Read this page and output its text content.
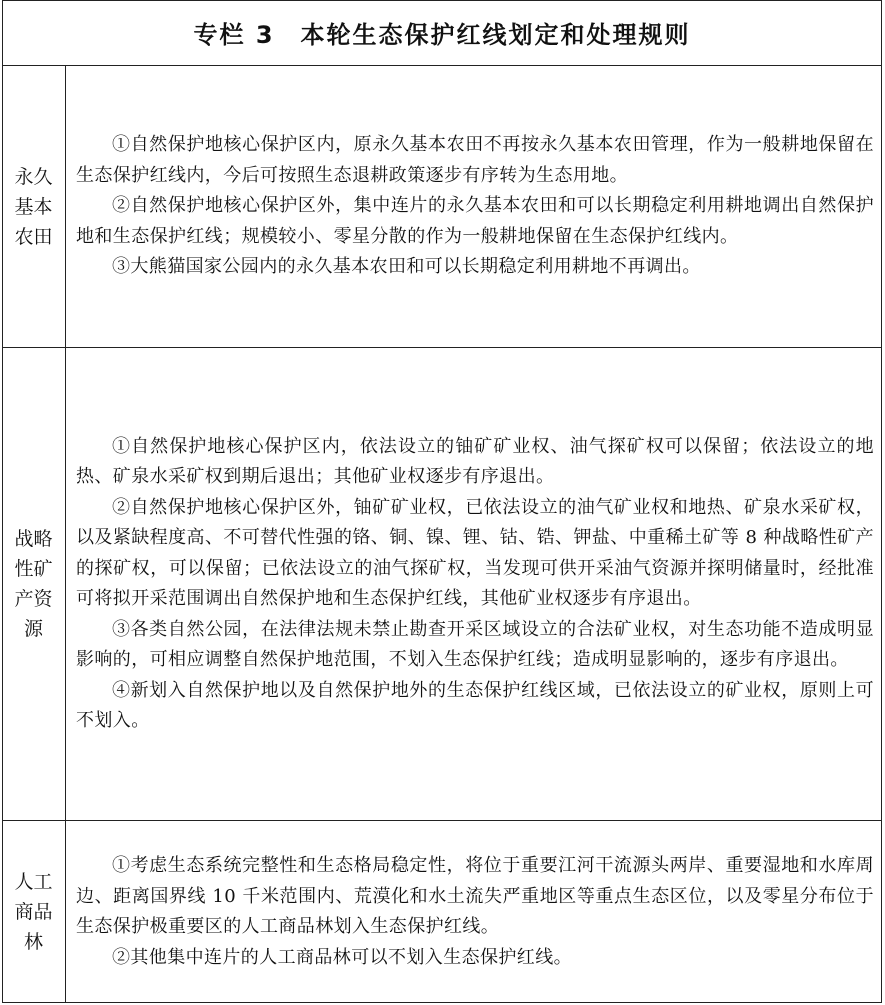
专栏 3　本轮生态保护红线划定和处理规则
永久基本农田

①自然保护地核心保护区内，原永久基本农田不再按永久基本农田管理，作为一般耕地保留在生态保护红线内，今后可按照生态退耕政策逐步有序转为生态用地。

②自然保护地核心保护区外，集中连片的永久基本农田和可以长期稳定利用耕地调出自然保护地和生态保护红线；规模较小、零星分散的作为一般耕地保留在生态保护红线内。

③大熊猫国家公园内的永久基本农田和可以长期稳定利用耕地不再调出。

战略性矿产资源

①自然保护地核心保护区内，依法设立的铀矿矿业权、油气探矿权可以保留；依法设立的地热、矿泉水采矿权到期后退出；其他矿业权逐步有序退出。

②自然保护地核心保护区外，铀矿矿业权，已依法设立的油气矿业权和地热、矿泉水采矿权，以及紧缺程度高、不可替代性强的铬、铜、镍、锂、钴、锆、钾盐、中重稀土矿等 8 种战略性矿产的探矿权，可以保留；已依法设立的油气探矿权，当发现可供开采油气资源并探明储量时，经批准可将拟开采范围调出自然保护地和生态保护红线，其他矿业权逐步有序退出。

③各类自然公园，在法律法规未禁止勘查开采区域设立的合法矿业权，对生态功能不造成明显影响的，可相应调整自然保护地范围，不划入生态保护红线；造成明显影响的，逐步有序退出。

④新划入自然保护地以及自然保护地外的生态保护红线区域，已依法设立的矿业权，原则上可不划入。

人工商品林

①考虑生态系统完整性和生态格局稳定性，将位于重要江河干流源头两岸、重要湿地和水库周边、距离国界线 10 千米范围内、荒漠化和水土流失严重地区等重点生态区位，以及零星分布位于生态保护极重要区的人工商品林划入生态保护红线。

②其他集中连片的人工商品林可以不划入生态保护红线。
